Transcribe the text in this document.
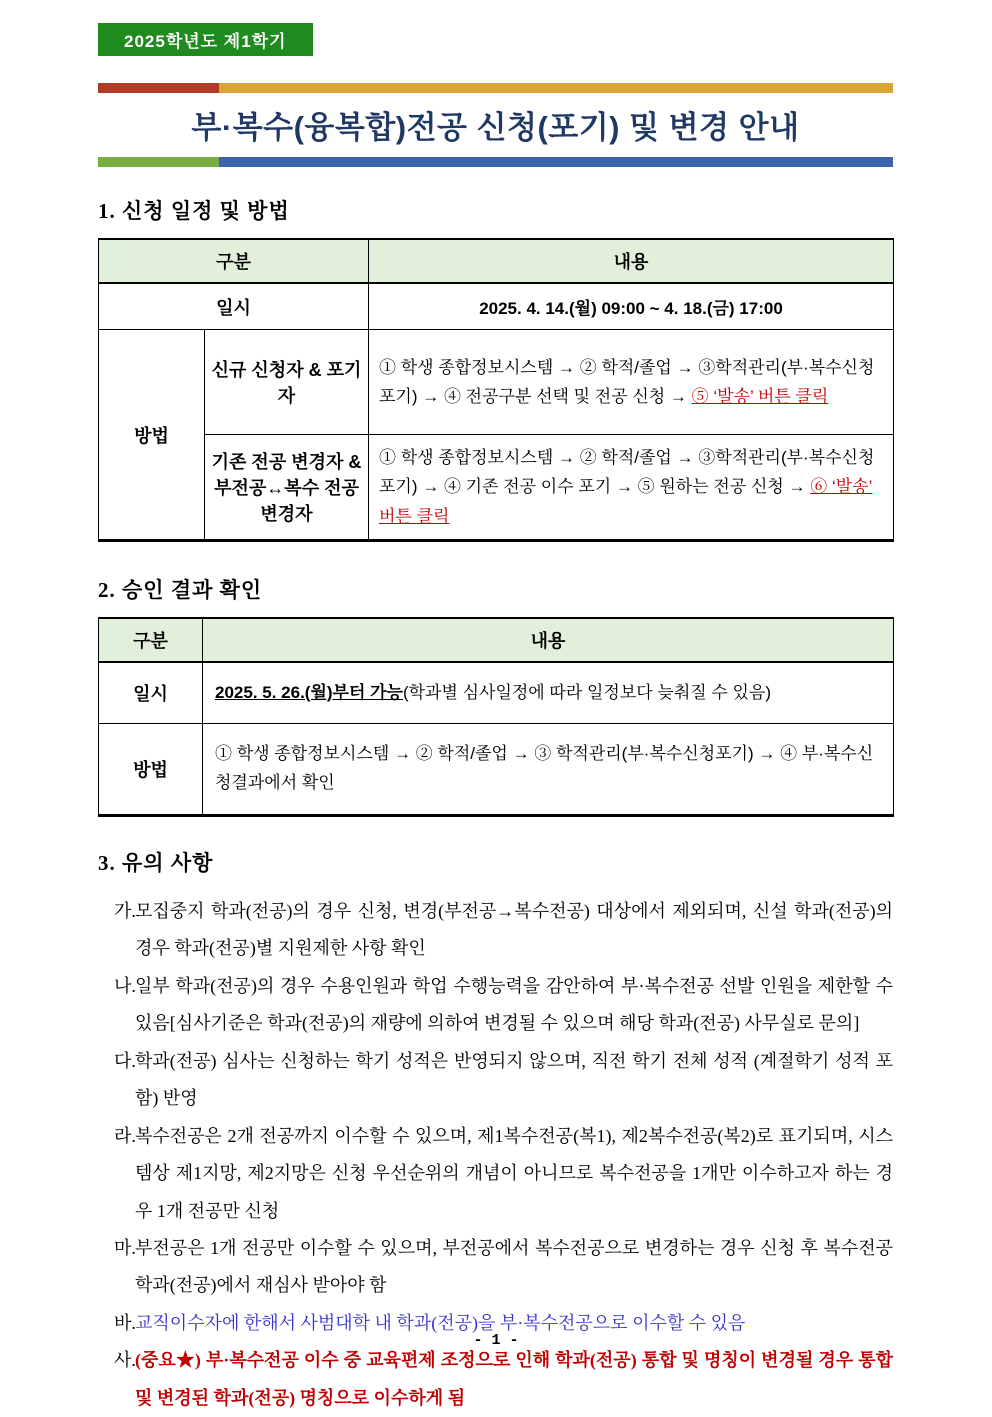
2025학년도 제1학기
부·복수(융복합)전공 신청(포기) 및 변경 안내
1. 신청 일정 및 방법
구분		내용
일시		2025. 4. 14.(월) 09:00 ~ 4. 18.(금) 17:00
방법	신규 신청자 & 포기자	① 학생 종합정보시스템 → ② 학적/졸업 → ③학적관리(부·복수신청포기) → ④ 전공구분 선택 및 전공 신청 → ⑤ ‘발송’ 버튼 클릭
	기존 전공 변경자 & 부전공↔복수 전공 변경자	① 학생 종합정보시스템 → ② 학적/졸업 → ③학적관리(부·복수신청포기) → ④ 기존 전공 이수 포기 → ⑤ 원하는 전공 신청 → ⑥ ‘발송’ 버튼 클릭
2. 승인 결과 확인
구분	내용
일시	2025. 5. 26.(월)부터 가능(학과별 심사일정에 따라 일정보다 늦춰질 수 있음)
방법	① 학생 종합정보시스템 → ② 학적/졸업 → ③ 학적관리(부·복수신청포기) → ④ 부·복수신청결과에서 확인
3. 유의 사항
가. 모집중지 학과(전공)의 경우 신청, 변경(부전공→복수전공) 대상에서 제외되며, 신설 학과(전공)의 경우 학과(전공)별 지원제한 사항 확인
나. 일부 학과(전공)의 경우 수용인원과 학업 수행능력을 감안하여 부·복수전공 선발 인원을 제한할 수 있음[심사기준은 학과(전공)의 재량에 의하여 변경될 수 있으며 해당 학과(전공) 사무실로 문의]
다. 학과(전공) 심사는 신청하는 학기 성적은 반영되지 않으며, 직전 학기 전체 성적 (계절학기 성적 포함) 반영
라. 복수전공은 2개 전공까지 이수할 수 있으며, 제1복수전공(복1), 제2복수전공(복2)로 표기되며, 시스템상 제1지망, 제2지망은 신청 우선순위의 개념이 아니므로 복수전공을 1개만 이수하고자 하는 경우 1개 전공만 신청
마. 부전공은 1개 전공만 이수할 수 있으며, 부전공에서 복수전공으로 변경하는 경우 신청 후 복수전공 학과(전공)에서 재심사 받아야 함
바. 교직이수자에 한해서 사범대학 내 학과(전공)을 부·복수전공으로 이수할 수 있음
사. (중요★) 부·복수전공 이수 중 교육편제 조정으로 인해 학과(전공) 통합 및 명칭이 변경될 경우 통합 및 변경된 학과(전공) 명칭으로 이수하게 됨
- 1 -
